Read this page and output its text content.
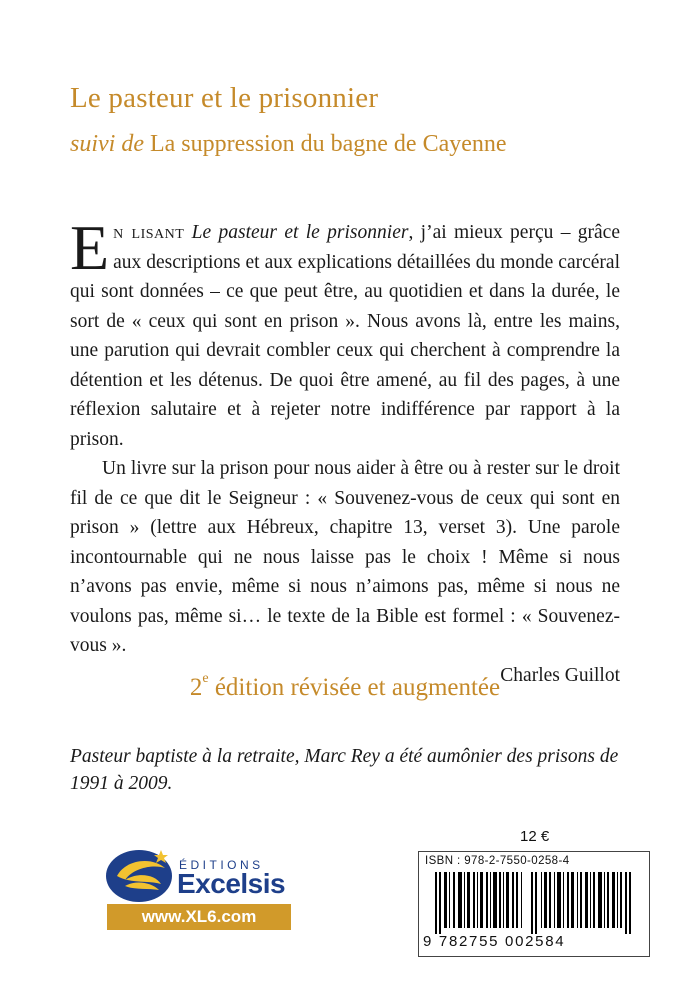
Le pasteur et le prisonnier

suivi de La suppression du bagne de Cayenne

En lisant Le pasteur et le prisonnier, j’ai mieux perçu – grâce aux descriptions et aux explications détaillées du monde carcéral qui sont données – ce que peut être, au quotidien et dans la durée, le sort de « ceux qui sont en prison ». Nous avons là, entre les mains, une parution qui devrait combler ceux qui cherchent à comprendre la détention et les détenus. De quoi être amené, au fil des pages, à une réflexion salutaire et à rejeter notre indifférence par rapport à la prison.

Un livre sur la prison pour nous aider à être ou à rester sur le droit fil de ce que dit le Seigneur : « Souvenez-vous de ceux qui sont en prison » (lettre aux Hébreux, chapitre 13, verset 3). Une parole incontournable qui ne nous laisse pas le choix ! Même si nous n’avons pas envie, même si nous n’aimons pas, même si nous ne voulons pas, même si… le texte de la Bible est formel : « Souvenez-vous ».

Charles Guillot

2e édition révisée et augmentée

Pasteur baptiste à la retraite, Marc Rey a été aumônier des prisons de 1991 à 2009.

ÉDITIONS
Excelsis
www.XL6.com
12 €
ISBN : 978-2-7550-0258-4
9 782755 002584
